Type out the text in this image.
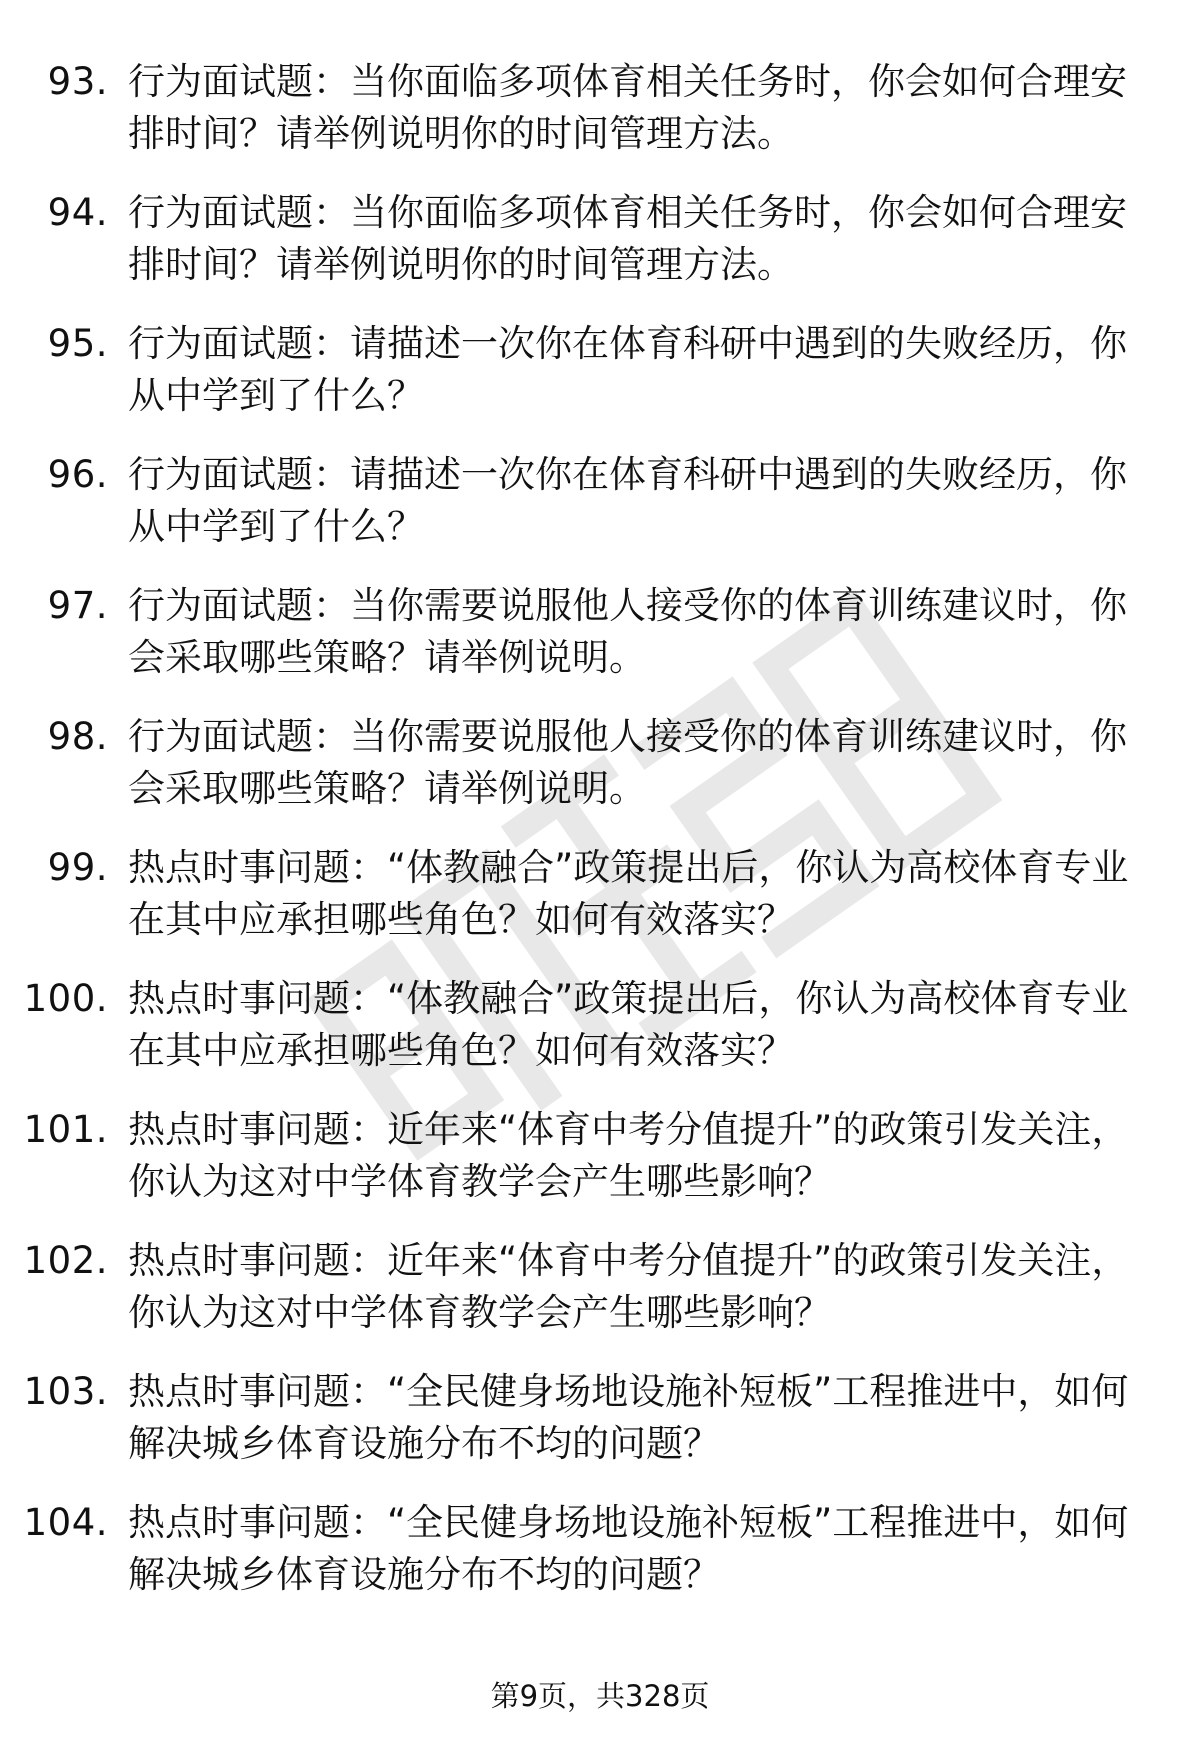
93. 行为面试题：当你面临多项体育相关任务时，你会如何合理安排时间？请举例说明你的时间管理方法。
94. 行为面试题：当你面临多项体育相关任务时，你会如何合理安排时间？请举例说明你的时间管理方法。
95. 行为面试题：请描述一次你在体育科研中遇到的失败经历，你从中学到了什么？
96. 行为面试题：请描述一次你在体育科研中遇到的失败经历，你从中学到了什么？
97. 行为面试题：当你需要说服他人接受你的体育训练建议时，你会采取哪些策略？请举例说明。
98. 行为面试题：当你需要说服他人接受你的体育训练建议时，你会采取哪些策略？请举例说明。
99. 热点时事问题：“体教融合”政策提出后，你认为高校体育专业在其中应承担哪些角色？如何有效落实？
100. 热点时事问题：“体教融合”政策提出后，你认为高校体育专业在其中应承担哪些角色？如何有效落实？
101. 热点时事问题：近年来“体育中考分值提升”的政策引发关注，你认为这对中学体育教学会产生哪些影响？
102. 热点时事问题：近年来“体育中考分值提升”的政策引发关注，你认为这对中学体育教学会产生哪些影响？
103. 热点时事问题：“全民健身场地设施补短板”工程推进中，如何解决城乡体育设施分布不均的问题？
104. 热点时事问题：“全民健身场地设施补短板”工程推进中，如何解决城乡体育设施分布不均的问题？
第9页，共328页
